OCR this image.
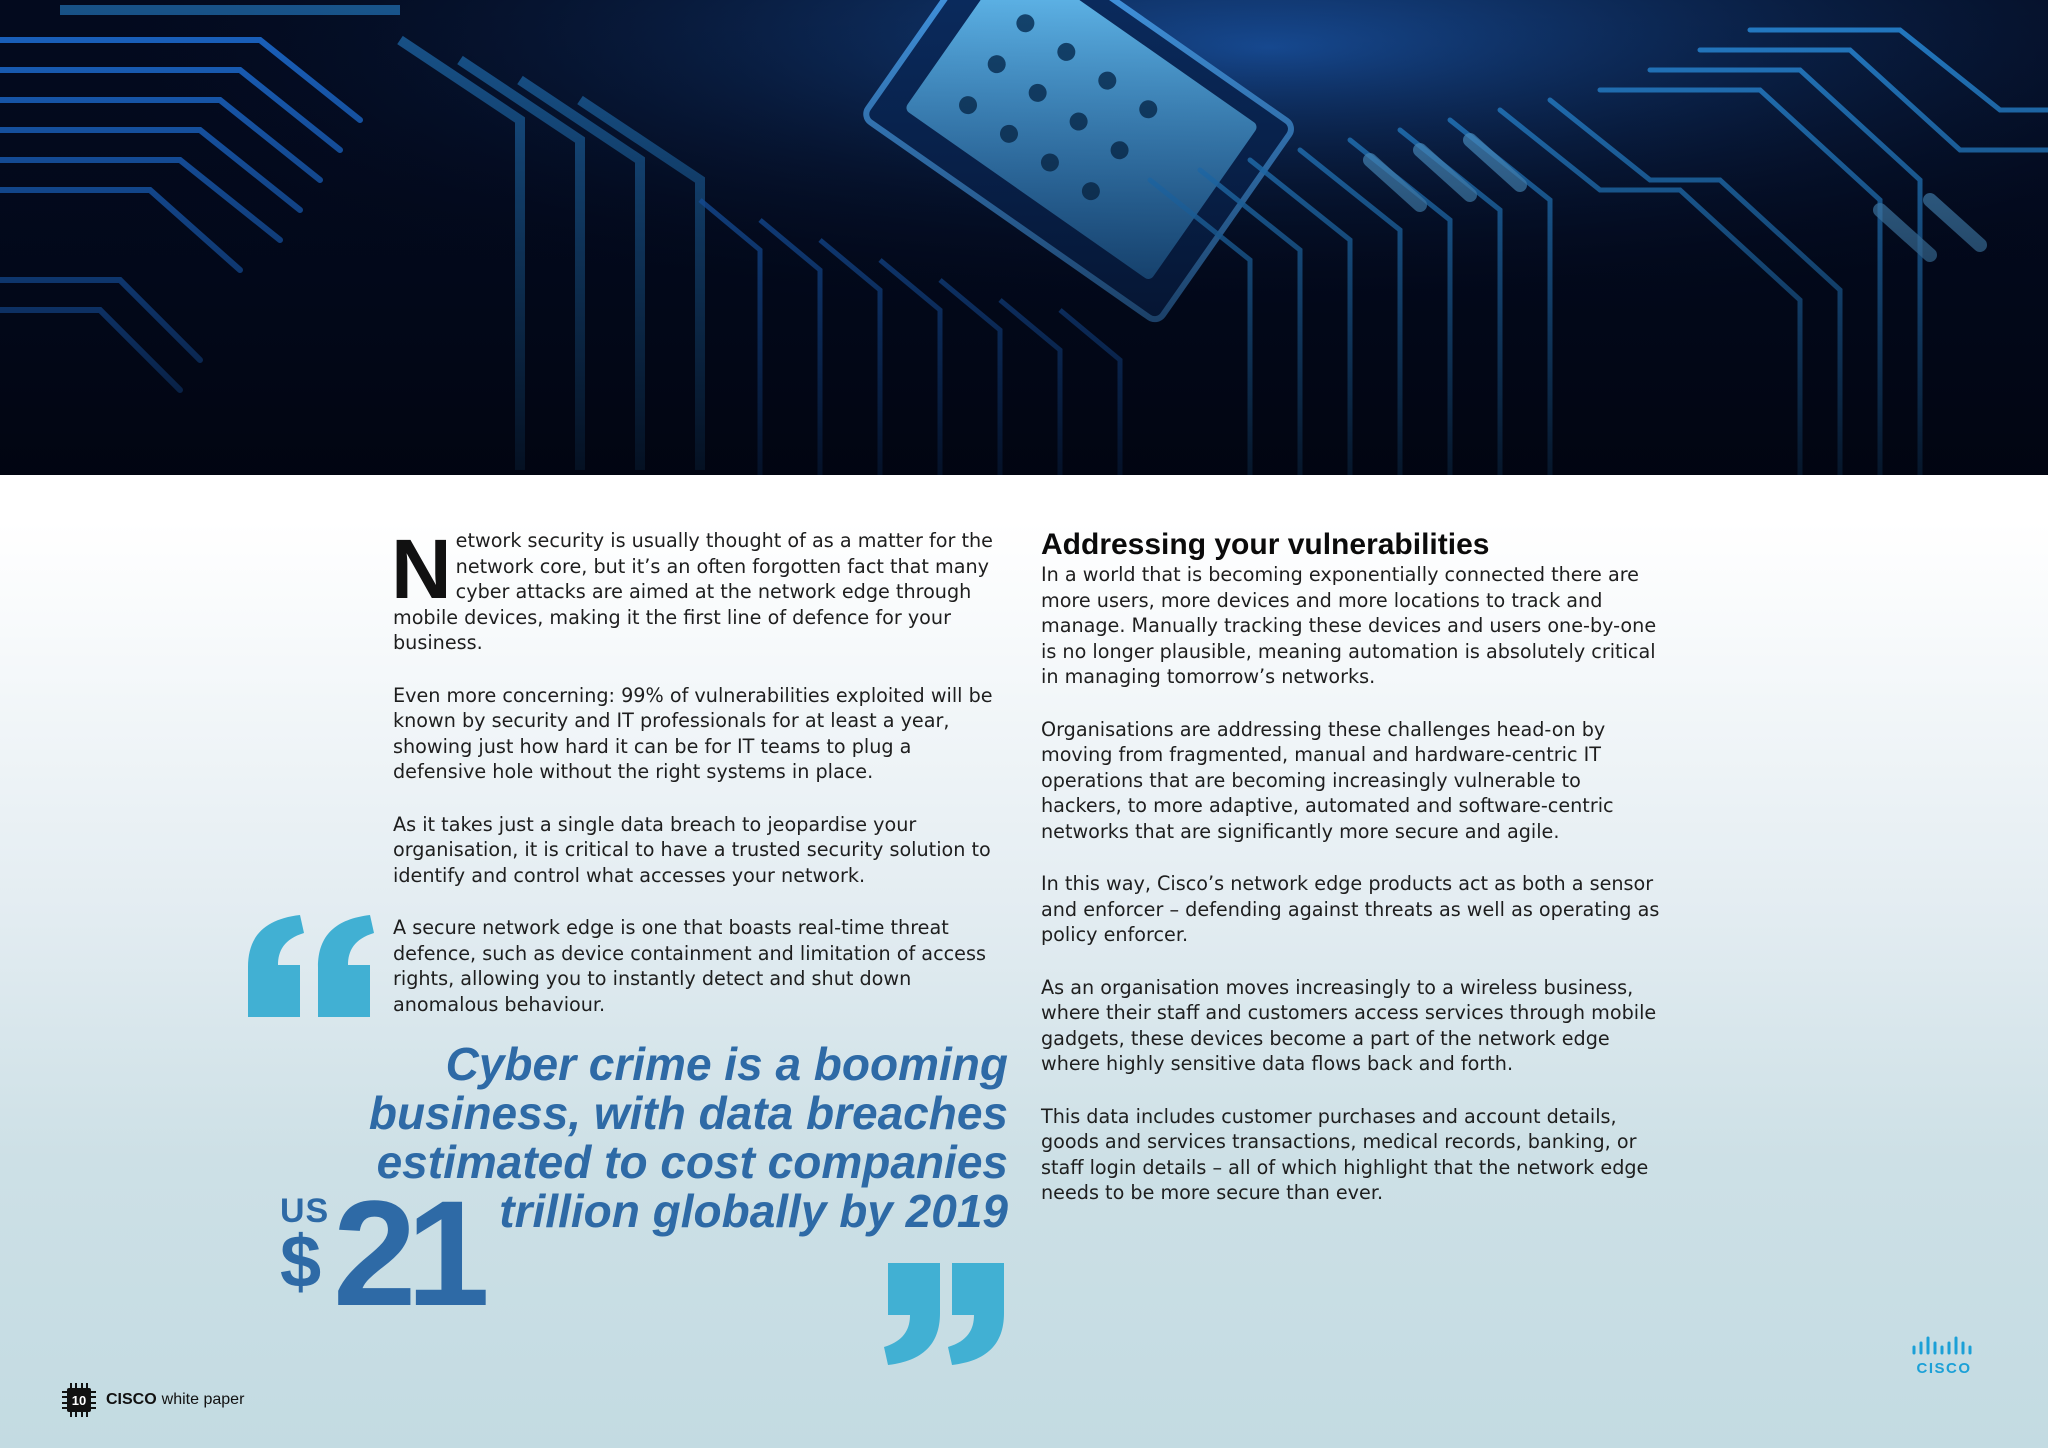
Network security is usually thought of as a matter for the network core, but it’s an often forgotten fact that many cyber attacks are aimed at the network edge through mobile devices, making it the first line of defence for your business.

Even more concerning: 99% of vulnerabilities exploited will be known by security and IT professionals for at least a year, showing just how hard it can be for IT teams to plug a defensive hole without the right systems in place.

As it takes just a single data breach to jeopardise your organisation, it is critical to have a trusted security solution to identify and control what accesses your network.

A secure network edge is one that boasts real-time threat defence, such as device containment and limitation of access rights, allowing you to instantly detect and shut down anomalous behaviour.

Cyber crime is a booming
business, with data breaches
estimated to cost companies
trillion globally by 2019
US
$ 21
Addressing your vulnerabilities

In a world that is becoming exponentially connected there are more users, more devices and more locations to track and manage. Manually tracking these devices and users one-by-one is no longer plausible, meaning automation is absolutely critical in managing tomorrow’s networks.

Organisations are addressing these challenges head-on by moving from fragmented, manual and hardware-centric IT operations that are becoming increasingly vulnerable to hackers, to more adaptive, automated and software-centric networks that are significantly more secure and agile.

In this way, Cisco’s network edge products act as both a sensor and enforcer – defending against threats as well as operating as policy enforcer.

As an organisation moves increasingly to a wireless business, where their staff and customers access services through mobile gadgets, these devices become a part of the network edge where highly sensitive data flows back and forth.

This data includes customer purchases and account details, goods and services transactions, medical records, banking, or staff login details – all of which highlight that the network edge needs to be more secure than ever.

10 CISCO white paper
CISCO
